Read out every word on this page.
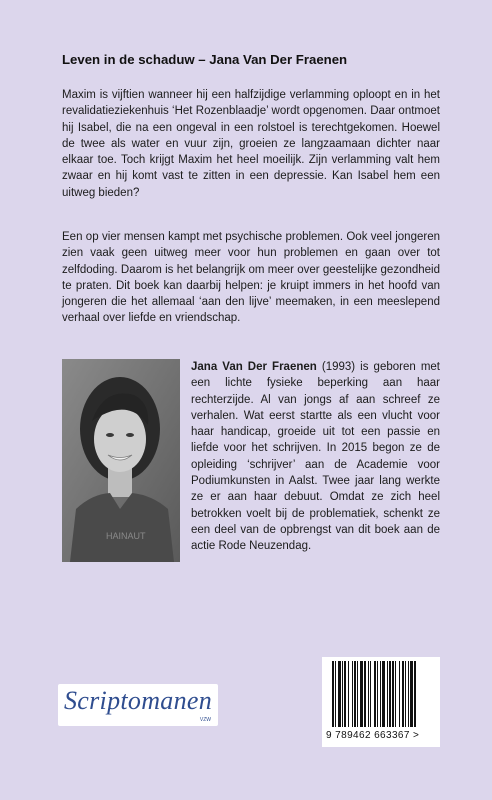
Leven in de schaduw – Jana Van Der Fraenen
Maxim is vijftien wanneer hij een halfzijdige verlamming oploopt en in het revalidatieziekenhuis ‘Het Rozenblaadje’ wordt opgenomen. Daar ontmoet hij Isabel, die na een ongeval in een rolstoel is terechtgekomen. Hoewel de twee als water en vuur zijn, groeien ze langzaamaan dichter naar elkaar toe. Toch krijgt Maxim het heel moeilijk. Zijn verlamming valt hem zwaar en hij komt vast te zitten in een depressie. Kan Isabel hem een uitweg bieden?
Een op vier mensen kampt met psychische problemen. Ook veel jongeren zien vaak geen uitweg meer voor hun problemen en gaan over tot zelfdoding. Daarom is het belangrijk om meer over geestelijke gezondheid te praten. Dit boek kan daarbij helpen: je kruipt immers in het hoofd van jongeren die het allemaal ‘aan den lijve’ meemaken, in een meeslepend verhaal over liefde en vriendschap.
HAINAUT
Jana Van Der Fraenen (1993) is geboren met een lichte fysieke beperking aan haar rechterzijde. Al van jongs af aan schreef ze verhalen. Wat eerst startte als een vlucht voor haar handicap, groeide uit tot een passie en liefde voor het schrijven. In 2015 begon ze de opleiding ‘schrijver’ aan de Academie voor Podiumkunsten in Aalst. Twee jaar lang werkte ze er aan haar debuut. Omdat ze zich heel betrokken voelt bij de problematiek, schenkt ze een deel van de opbrengst van dit boek aan de actie Rode Neuzendag.
Scriptomanen
VZW
9 789462 663367 >
